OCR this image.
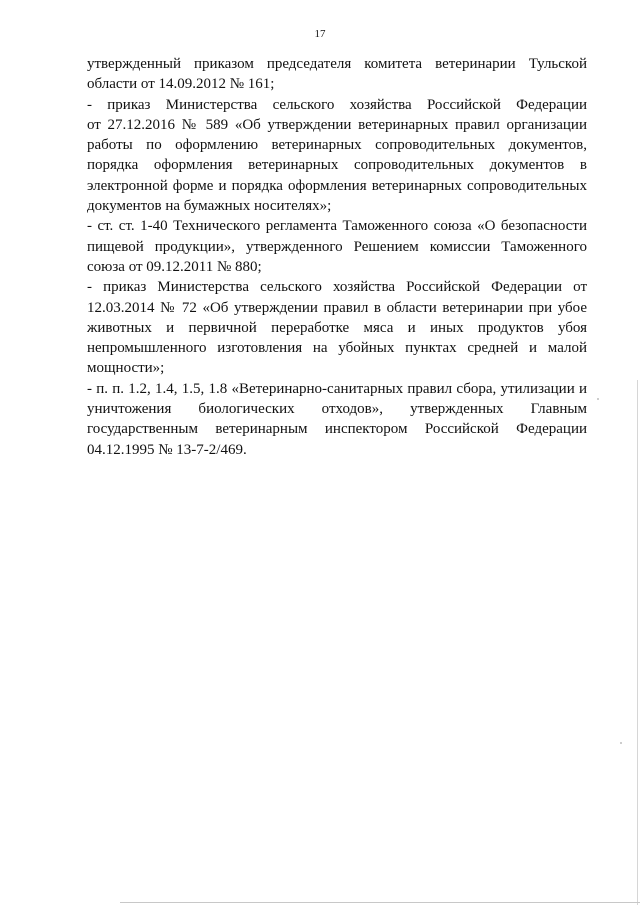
17
утвержденный приказом председателя комитета ветеринарии Тульской
области от 14.09.2012 № 161;
- приказ Министерства сельского хозяйства Российской Федерации
от 27.12.2016 № 589 «Об утверждении ветеринарных правил организации
работы по оформлению ветеринарных сопроводительных документов,
порядка оформления ветеринарных сопроводительных документов в
электронной форме и порядка оформления ветеринарных сопроводительных
документов на бумажных носителях»;
- ст. ст. 1-40 Технического регламента Таможенного союза «О безопасности
пищевой продукции», утвержденного Решением комиссии Таможенного
союза от 09.12.2011 № 880;
- приказ Министерства сельского хозяйства Российской Федерации от
12.03.2014 № 72 «Об утверждении правил в области ветеринарии при убое
животных и первичной переработке мяса и иных продуктов убоя
непромышленного изготовления на убойных пунктах средней и малой
мощности»;
- п. п. 1.2, 1.4, 1.5, 1.8 «Ветеринарно-санитарных правил сбора, утилизации и
уничтожения биологических отходов», утвержденных Главным
государственным ветеринарным инспектором Российской Федерации
04.12.1995 № 13-7-2/469.
